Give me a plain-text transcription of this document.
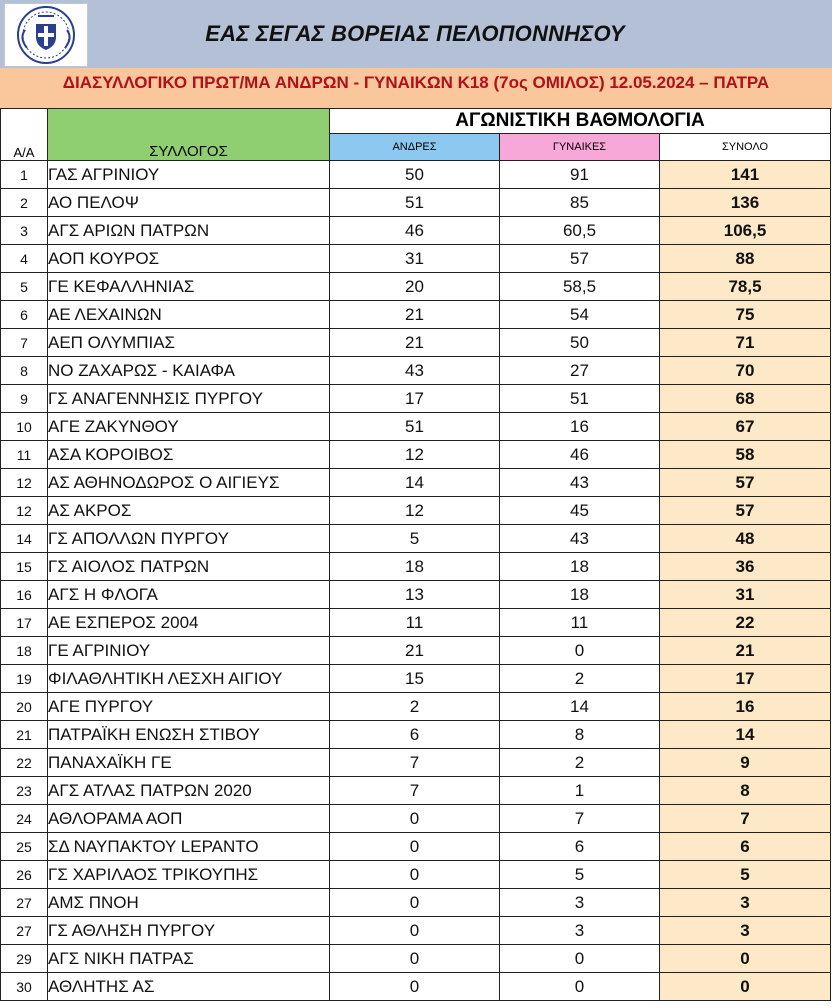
ΕΑΣ ΣΕΓΑΣ ΒΟΡΕΙΑΣ ΠΕΛΟΠΟΝΝΗΣΟΥ
ΔΙΑΣΥΛΛΟΓΙΚΟ ΠΡΩΤ/ΜΑ ΑΝΔΡΩΝ - ΓΥΝΑΙΚΩΝ Κ18 (7ος ΟΜΙΛΟΣ) 12.05.2024 – ΠΑΤΡΑ
Α/Α	ΣΥΛΛΟΓΟΣ	ΑΓΩΝΙΣΤΙΚΗ ΒΑΘΜΟΛΟΓΙΑ		
		ΑΝΔΡΕΣ	ΓΥΝΑΙΚΕΣ	ΣΥΝΟΛΟ
1	ΓΑΣ ΑΓΡΙΝΙΟΥ	50	91	141
2	ΑΟ ΠΕΛΟΨ	51	85	136
3	ΑΓΣ ΑΡΙΩΝ ΠΑΤΡΩΝ	46	60,5	106,5
4	ΑΟΠ ΚΟΥΡΟΣ	31	57	88
5	ΓΕ ΚΕΦΑΛΛΗΝΙΑΣ	20	58,5	78,5
6	ΑΕ ΛΕΧΑΙΝΩΝ	21	54	75
7	ΑΕΠ ΟΛΥΜΠΙΑΣ	21	50	71
8	ΝΟ ΖΑΧΑΡΩΣ - ΚΑΙΑΦΑ	43	27	70
9	ΓΣ ΑΝΑΓΕΝΝΗΣΙΣ ΠΥΡΓΟΥ	17	51	68
10	ΑΓΕ ΖΑΚΥΝΘΟΥ	51	16	67
11	ΑΣΑ ΚΟΡΟΙΒΟΣ	12	46	58
12	ΑΣ ΑΘΗΝΟΔΩΡΟΣ Ο ΑΙΓΙΕΥΣ	14	43	57
12	ΑΣ ΑΚΡΟΣ	12	45	57
14	ΓΣ ΑΠΟΛΛΩΝ ΠΥΡΓΟΥ	5	43	48
15	ΓΣ ΑΙΟΛΟΣ ΠΑΤΡΩΝ	18	18	36
16	ΑΓΣ Η ΦΛΟΓΑ	13	18	31
17	ΑΕ ΕΣΠΕΡΟΣ 2004	11	11	22
18	ΓΕ ΑΓΡΙΝΙΟΥ	21	0	21
19	ΦΙΛΑΘΛΗΤΙΚΗ ΛΕΣΧΗ ΑΙΓΙΟΥ	15	2	17
20	ΑΓΕ ΠΥΡΓΟΥ	2	14	16
21	ΠΑΤΡΑΪΚΗ ΕΝΩΣΗ ΣΤΙΒΟΥ	6	8	14
22	ΠΑΝΑΧΑΪΚΗ ΓΕ	7	2	9
23	ΑΓΣ ΑΤΛΑΣ ΠΑΤΡΩΝ 2020	7	1	8
24	ΑΘΛΟΡΑΜΑ ΑΟΠ	0	7	7
25	ΣΔ ΝΑΥΠΑΚΤΟΥ LEPANTO	0	6	6
26	ΓΣ ΧΑΡΙΛΑΟΣ ΤΡΙΚΟΥΠΗΣ	0	5	5
27	ΑΜΣ ΠΝΟΗ	0	3	3
27	ΓΣ ΑΘΛΗΣΗ ΠΥΡΓΟΥ	0	3	3
29	ΑΓΣ ΝΙΚΗ ΠΑΤΡΑΣ	0	0	0
30	ΑΘΛΗΤΗΣ ΑΣ	0	0	0
